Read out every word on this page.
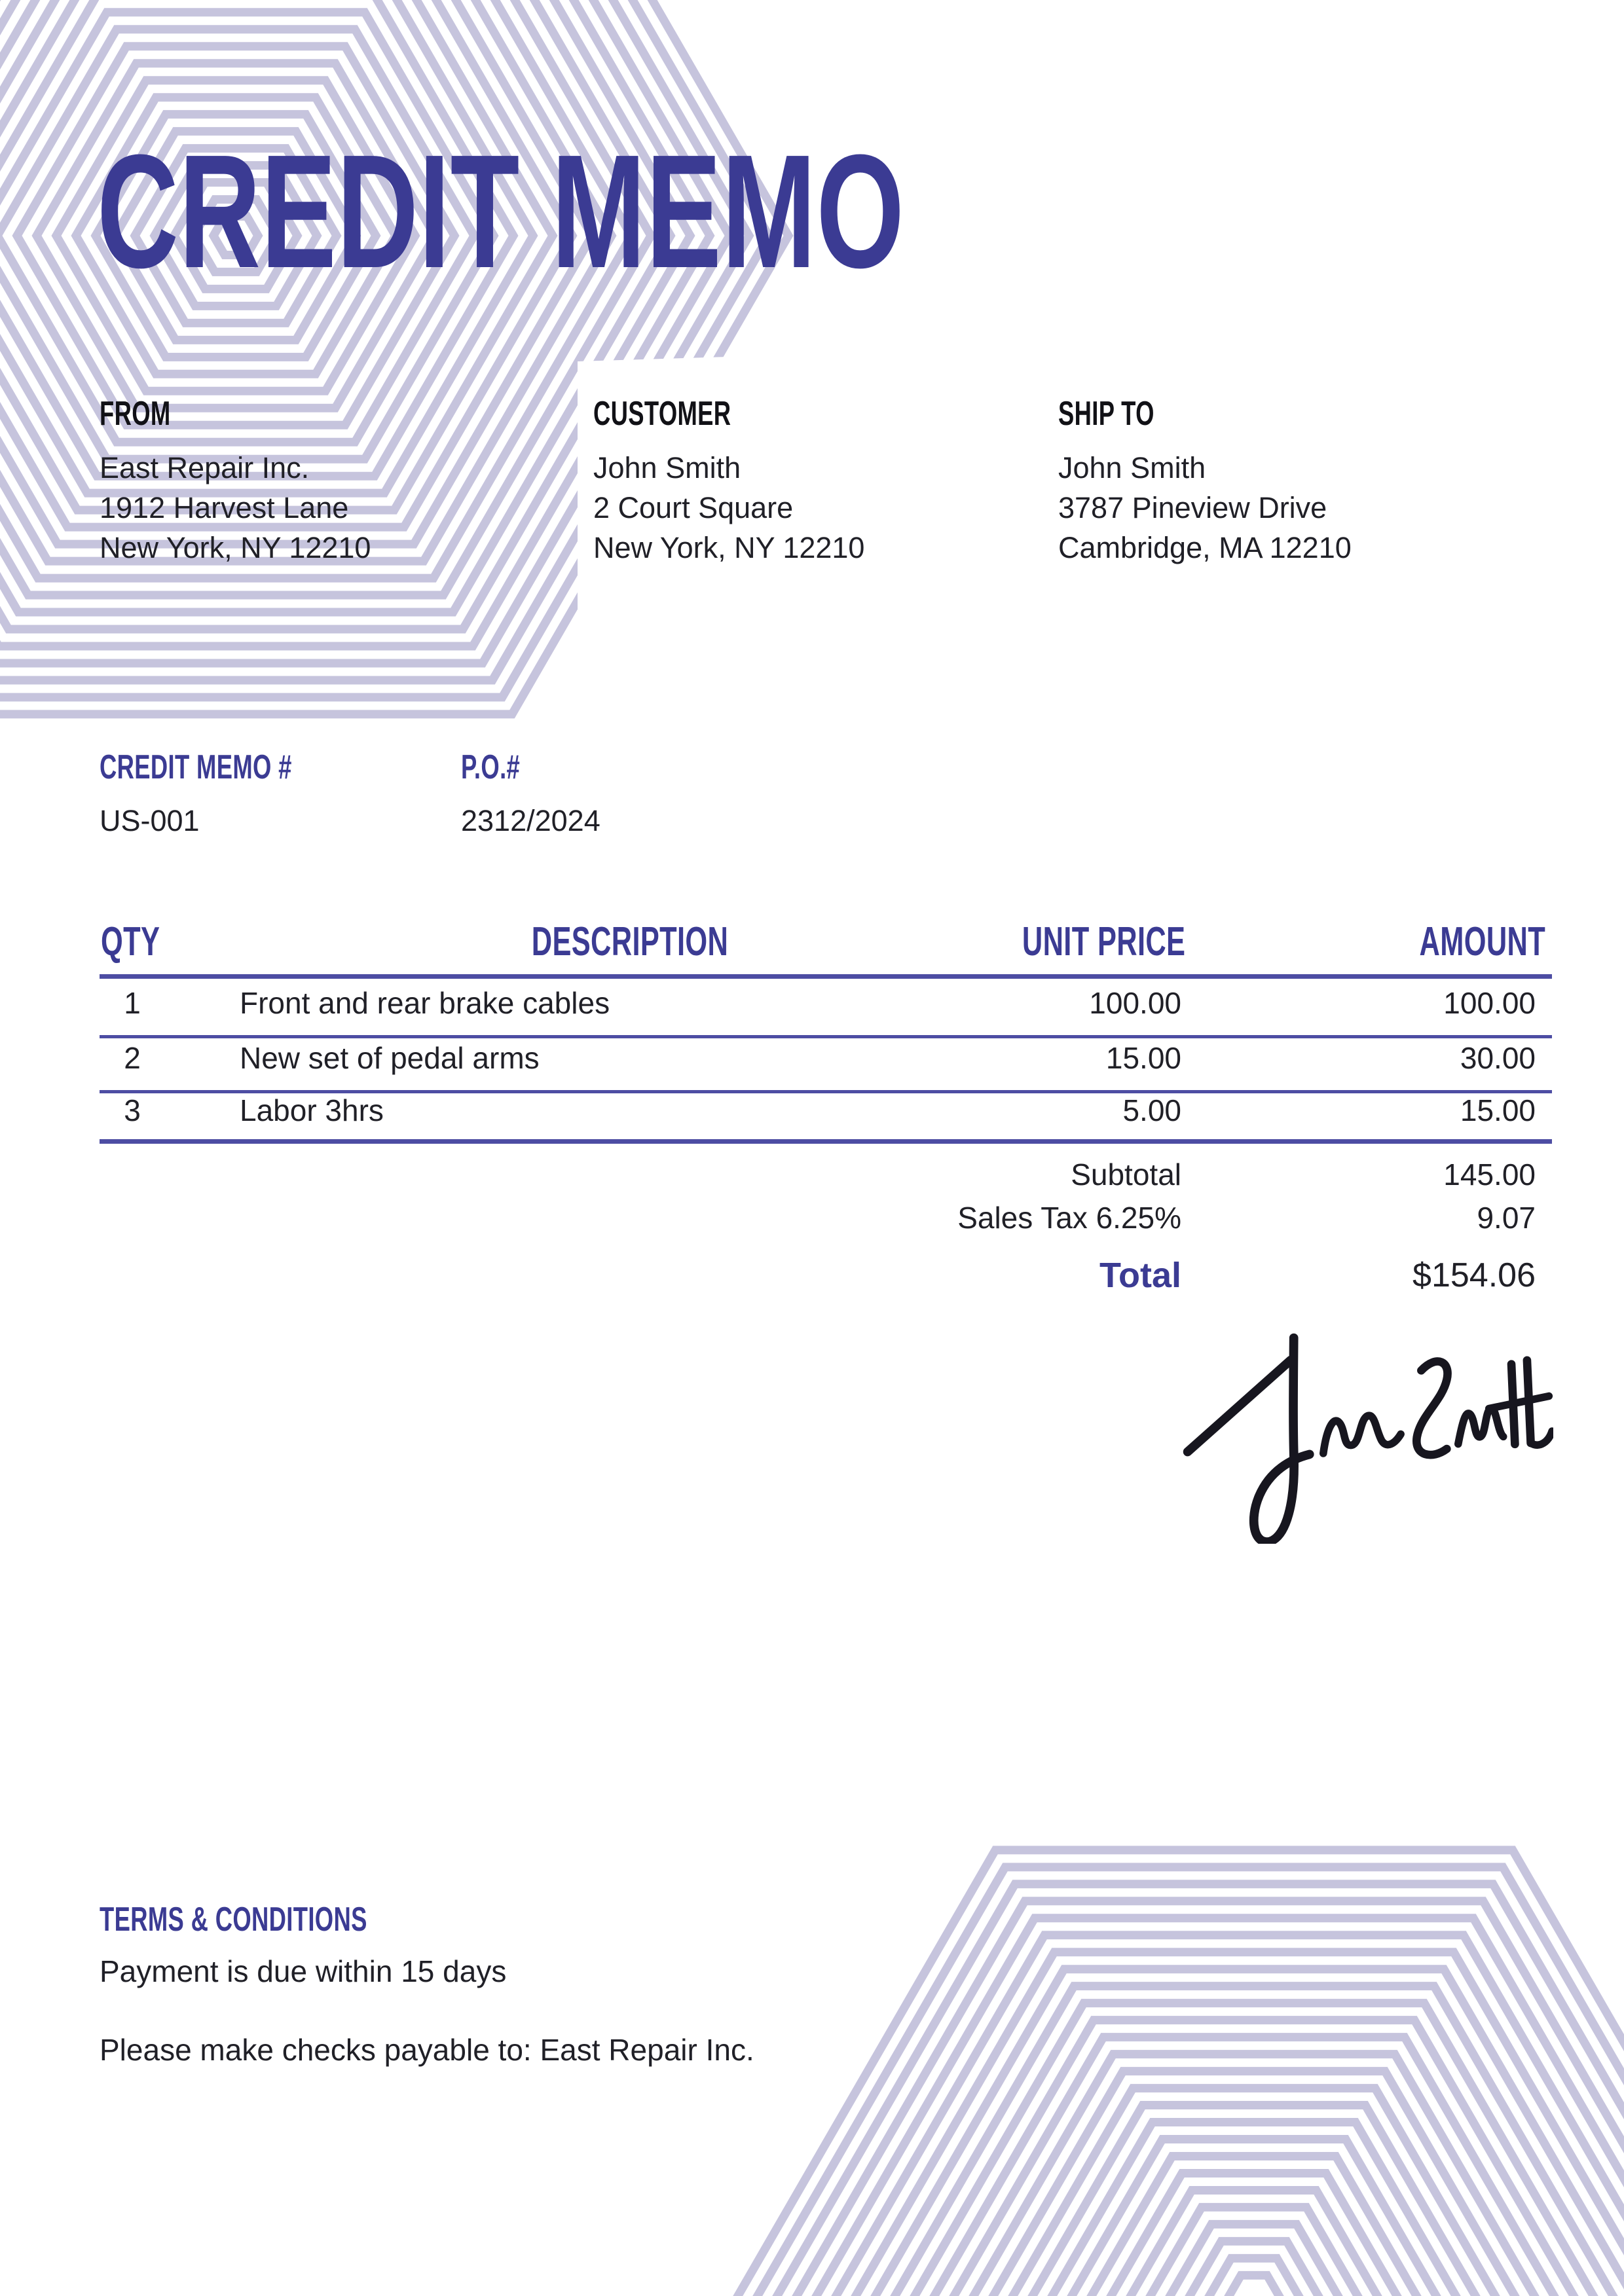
CREDIT MEMO
FROM
East Repair Inc.
1912 Harvest Lane
New York, NY 12210
CUSTOMER
John Smith
2 Court Square
New York, NY 12210
SHIP TO
John Smith
3787 Pineview Drive
Cambridge, MA 12210
CREDIT MEMO #
US-001
P.O.#
2312/2024
QTY	DESCRIPTION	UNIT PRICE	AMOUNT
1	Front and rear brake cables	100.00	100.00
2	New set of pedal arms	15.00	30.00
3	Labor 3hrs	5.00	15.00
Subtotal	145.00
Sales Tax 6.25%	9.07
Total	$154.06
TERMS & CONDITIONS
Payment is due within 15 days
Please make checks payable to: East Repair Inc.
